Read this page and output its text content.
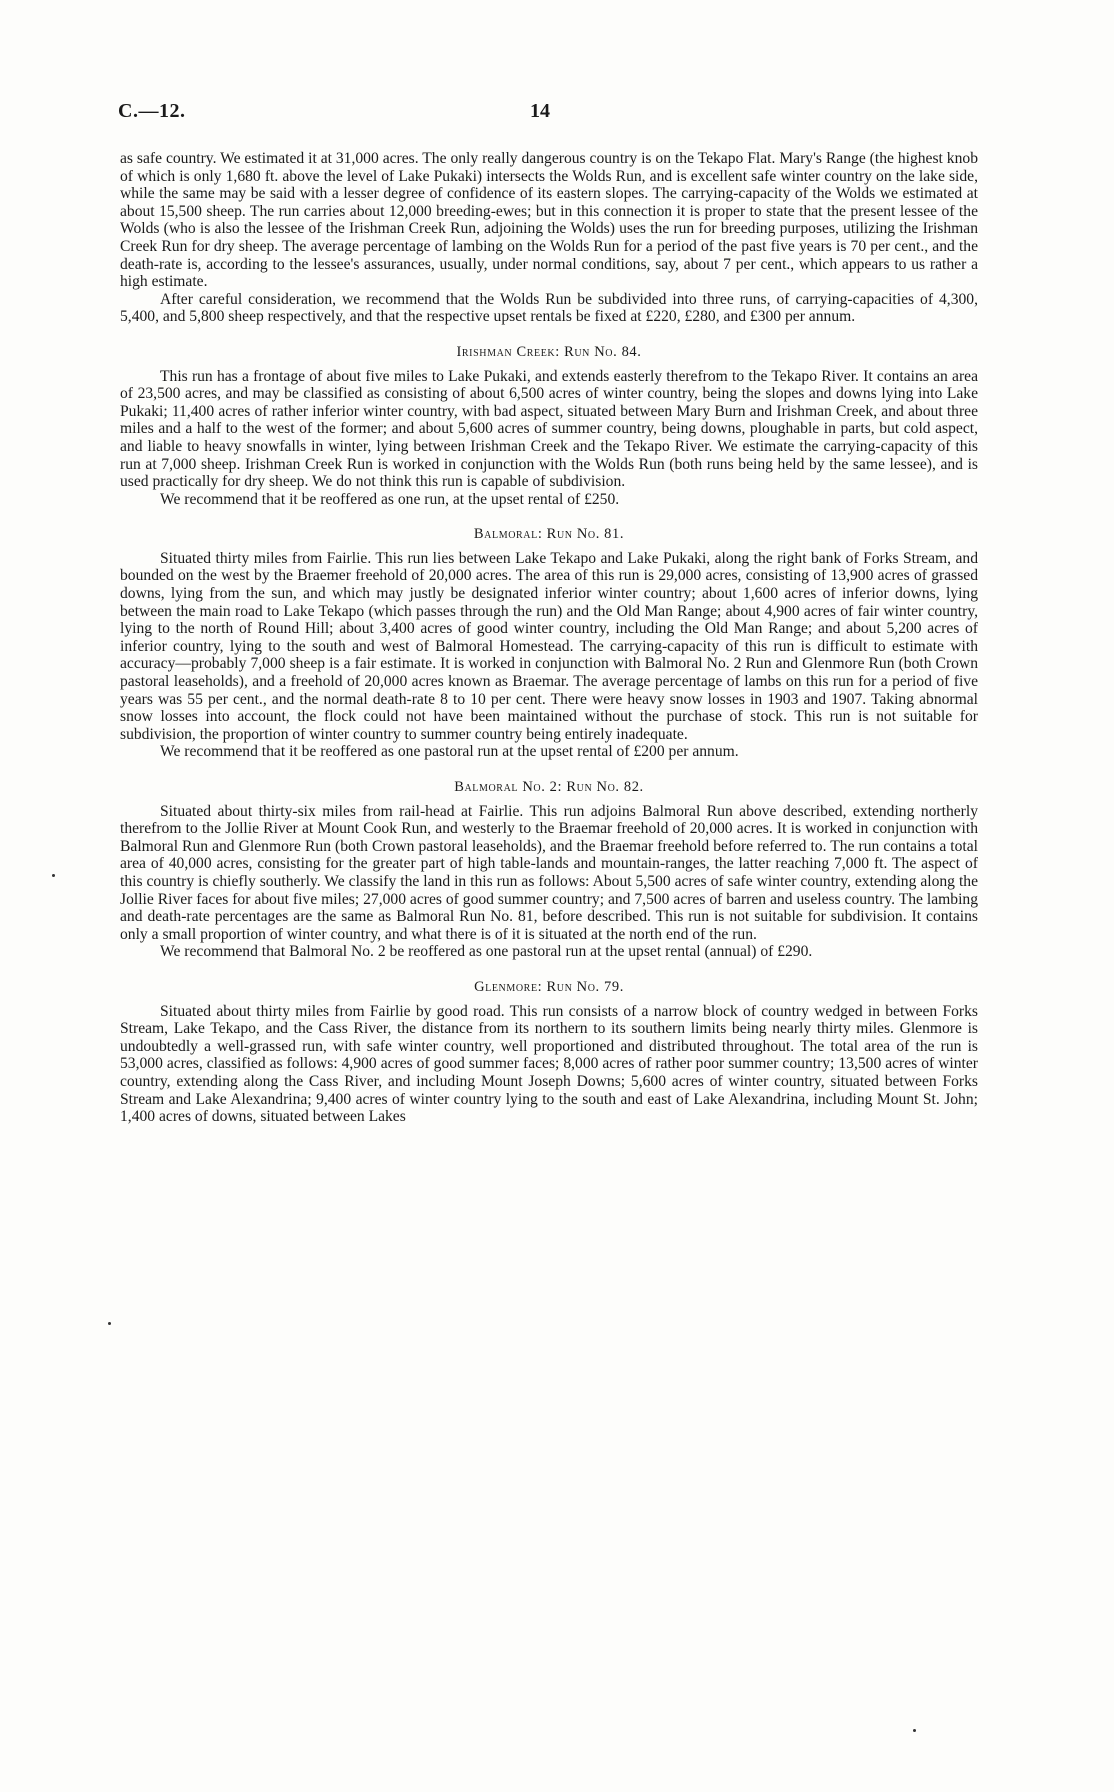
C.—12.	14

as safe country. We estimated it at 31,000 acres. The only really dangerous country is on the Tekapo Flat. Mary's Range (the highest knob of which is only 1,680 ft. above the level of Lake Pukaki) intersects the Wolds Run, and is excellent safe winter country on the lake side, while the same may be said with a lesser degree of confidence of its eastern slopes. The carrying-capacity of the Wolds we estimated at about 15,500 sheep. The run carries about 12,000 breeding-ewes; but in this connection it is proper to state that the present lessee of the Wolds (who is also the lessee of the Irishman Creek Run, adjoining the Wolds) uses the run for breeding purposes, utilizing the Irishman Creek Run for dry sheep. The average percentage of lambing on the Wolds Run for a period of the past five years is 70 per cent., and the death-rate is, according to the lessee's assurances, usually, under normal conditions, say, about 7 per cent., which appears to us rather a high estimate.

After careful consideration, we recommend that the Wolds Run be subdivided into three runs, of carrying-capacities of 4,300, 5,400, and 5,800 sheep respectively, and that the respective upset rentals be fixed at £220, £280, and £300 per annum.

Irishman Creek: Run No. 84.

This run has a frontage of about five miles to Lake Pukaki, and extends easterly therefrom to the Tekapo River. It contains an area of 23,500 acres, and may be classified as consisting of about 6,500 acres of winter country, being the slopes and downs lying into Lake Pukaki; 11,400 acres of rather inferior winter country, with bad aspect, situated between Mary Burn and Irishman Creek, and about three miles and a half to the west of the former; and about 5,600 acres of summer country, being downs, ploughable in parts, but cold aspect, and liable to heavy snowfalls in winter, lying between Irishman Creek and the Tekapo River. We estimate the carrying-capacity of this run at 7,000 sheep. Irishman Creek Run is worked in conjunction with the Wolds Run (both runs being held by the same lessee), and is used practically for dry sheep. We do not think this run is capable of subdivision.

We recommend that it be reoffered as one run, at the upset rental of £250.

Balmoral: Run No. 81.

Situated thirty miles from Fairlie. This run lies between Lake Tekapo and Lake Pukaki, along the right bank of Forks Stream, and bounded on the west by the Braemer freehold of 20,000 acres. The area of this run is 29,000 acres, consisting of 13,900 acres of grassed downs, lying from the sun, and which may justly be designated inferior winter country; about 1,600 acres of inferior downs, lying between the main road to Lake Tekapo (which passes through the run) and the Old Man Range; about 4,900 acres of fair winter country, lying to the north of Round Hill; about 3,400 acres of good winter country, including the Old Man Range; and about 5,200 acres of inferior country, lying to the south and west of Balmoral Homestead. The carrying-capacity of this run is difficult to estimate with accuracy—probably 7,000 sheep is a fair estimate. It is worked in conjunction with Balmoral No. 2 Run and Glenmore Run (both Crown pastoral leaseholds), and a freehold of 20,000 acres known as Braemar. The average percentage of lambs on this run for a period of five years was 55 per cent., and the normal death-rate 8 to 10 per cent. There were heavy snow losses in 1903 and 1907. Taking abnormal snow losses into account, the flock could not have been maintained without the purchase of stock. This run is not suitable for subdivision, the proportion of winter country to summer country being entirely inadequate.

We recommend that it be reoffered as one pastoral run at the upset rental of £200 per annum.

Balmoral No. 2: Run No. 82.

Situated about thirty-six miles from rail-head at Fairlie. This run adjoins Balmoral Run above described, extending northerly therefrom to the Jollie River at Mount Cook Run, and westerly to the Braemar freehold of 20,000 acres. It is worked in conjunction with Balmoral Run and Glenmore Run (both Crown pastoral leaseholds), and the Braemar freehold before referred to. The run contains a total area of 40,000 acres, consisting for the greater part of high table-lands and mountain-ranges, the latter reaching 7,000 ft. The aspect of this country is chiefly southerly. We classify the land in this run as follows: About 5,500 acres of safe winter country, extending along the Jollie River faces for about five miles; 27,000 acres of good summer country; and 7,500 acres of barren and useless country. The lambing and death-rate percentages are the same as Balmoral Run No. 81, before described. This run is not suitable for subdivision. It contains only a small proportion of winter country, and what there is of it is situated at the north end of the run.

We recommend that Balmoral No. 2 be reoffered as one pastoral run at the upset rental (annual) of £290.

Glenmore: Run No. 79.

Situated about thirty miles from Fairlie by good road. This run consists of a narrow block of country wedged in between Forks Stream, Lake Tekapo, and the Cass River, the distance from its northern to its southern limits being nearly thirty miles. Glenmore is undoubtedly a well-grassed run, with safe winter country, well proportioned and distributed throughout. The total area of the run is 53,000 acres, classified as follows: 4,900 acres of good summer faces; 8,000 acres of rather poor summer country; 13,500 acres of winter country, extending along the Cass River, and including Mount Joseph Downs; 5,600 acres of winter country, situated between Forks Stream and Lake Alexandrina; 9,400 acres of winter country lying to the south and east of Lake Alexandrina, including Mount St. John; 1,400 acres of downs, situated between Lakes
